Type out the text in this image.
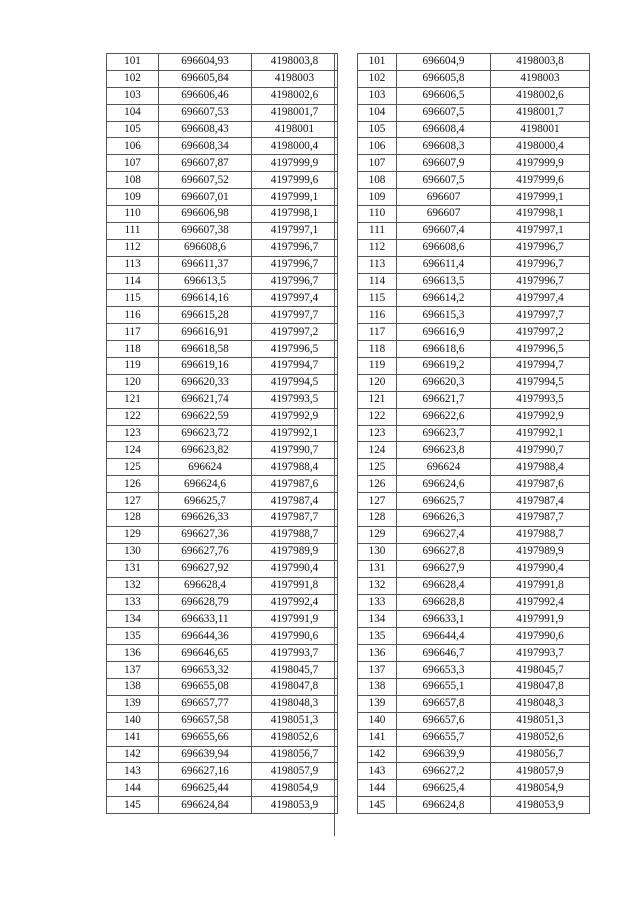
101	696604,93	4198003,8
102	696605,84	4198003
103	696606,46	4198002,6
104	696607,53	4198001,7
105	696608,43	4198001
106	696608,34	4198000,4
107	696607,87	4197999,9
108	696607,52	4197999,6
109	696607,01	4197999,1
110	696606,98	4197998,1
111	696607,38	4197997,1
112	696608,6	4197996,7
113	696611,37	4197996,7
114	696613,5	4197996,7
115	696614,16	4197997,4
116	696615,28	4197997,7
117	696616,91	4197997,2
118	696618,58	4197996,5
119	696619,16	4197994,7
120	696620,33	4197994,5
121	696621,74	4197993,5
122	696622,59	4197992,9
123	696623,72	4197992,1
124	696623,82	4197990,7
125	696624	4197988,4
126	696624,6	4197987,6
127	696625,7	4197987,4
128	696626,33	4197987,7
129	696627,36	4197988,7
130	696627,76	4197989,9
131	696627,92	4197990,4
132	696628,4	4197991,8
133	696628,79	4197992,4
134	696633,11	4197991,9
135	696644,36	4197990,6
136	696646,65	4197993,7
137	696653,32	4198045,7
138	696655,08	4198047,8
139	696657,77	4198048,3
140	696657,58	4198051,3
141	696655,66	4198052,6
142	696639,94	4198056,7
143	696627,16	4198057,9
144	696625,44	4198054,9
145	696624,84	4198053,9
101	696604,9	4198003,8
102	696605,8	4198003
103	696606,5	4198002,6
104	696607,5	4198001,7
105	696608,4	4198001
106	696608,3	4198000,4
107	696607,9	4197999,9
108	696607,5	4197999,6
109	696607	4197999,1
110	696607	4197998,1
111	696607,4	4197997,1
112	696608,6	4197996,7
113	696611,4	4197996,7
114	696613,5	4197996,7
115	696614,2	4197997,4
116	696615,3	4197997,7
117	696616,9	4197997,2
118	696618,6	4197996,5
119	696619,2	4197994,7
120	696620,3	4197994,5
121	696621,7	4197993,5
122	696622,6	4197992,9
123	696623,7	4197992,1
124	696623,8	4197990,7
125	696624	4197988,4
126	696624,6	4197987,6
127	696625,7	4197987,4
128	696626,3	4197987,7
129	696627,4	4197988,7
130	696627,8	4197989,9
131	696627,9	4197990,4
132	696628,4	4197991,8
133	696628,8	4197992,4
134	696633,1	4197991,9
135	696644,4	4197990,6
136	696646,7	4197993,7
137	696653,3	4198045,7
138	696655,1	4198047,8
139	696657,8	4198048,3
140	696657,6	4198051,3
141	696655,7	4198052,6
142	696639,9	4198056,7
143	696627,2	4198057,9
144	696625,4	4198054,9
145	696624,8	4198053,9
